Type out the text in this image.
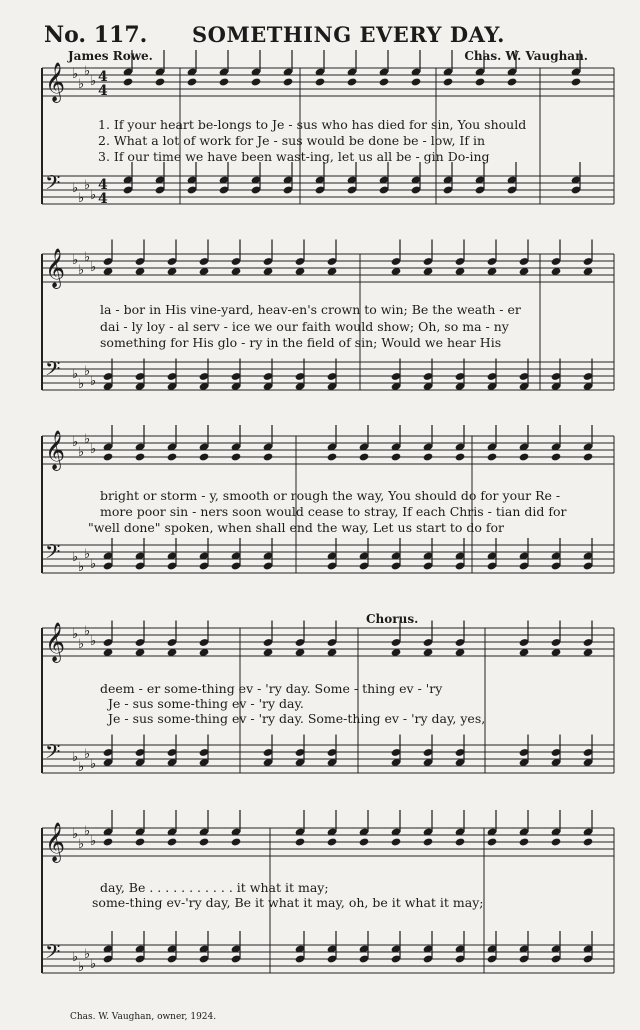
No. 117. SOMETHING EVERY DAY.
James Rowe.	Chas. W. Vaughan.
𝄞 ♭
♭
♭
♭ 4
4
𝄢 ♭
♭
♭
♭
4
4
𝄞 ♭
♭
♭
♭
𝄢 ♭
♭
♭
♭
𝄞 ♭
♭
♭
♭
𝄢 ♭
♭
♭
♭
𝄞 ♭
♭
♭
♭
𝄢 ♭
♭
♭
♭
𝄞 ♭
♭
♭
♭
𝄢 ♭
♭
♭
♭
1. If your heart be-longs to Je - sus who has died for sin, You should
2. What a lot of work for Je - sus would be done be - low, If in
3. If our time we have been wast-ing, let us all be - gin Do-ing
la - bor in His vine-yard, heav-en's crown to win; Be the weath - er
dai - ly loy - al serv - ice we our faith would show; Oh, so ma - ny
something for His glo - ry in the field of sin; Would we hear His
bright or storm - y, smooth or rough the way, You should do for your Re -
more poor sin - ners soon would cease to stray, If each Chris - tian did for
"well done" spoken, when shall end the way, Let us start to do for
Chorus.
deem - er some-thing ev - 'ry day. Some - thing ev - 'ry
Je - sus some-thing ev - 'ry day.
Je - sus some-thing ev - 'ry day. Some-thing ev - 'ry day, yes,
day, Be . . . . . . . . . . . it what it may;
some-thing ev-'ry day, Be it what it may, oh, be it what it may;
Chas. W. Vaughan, owner, 1924.
